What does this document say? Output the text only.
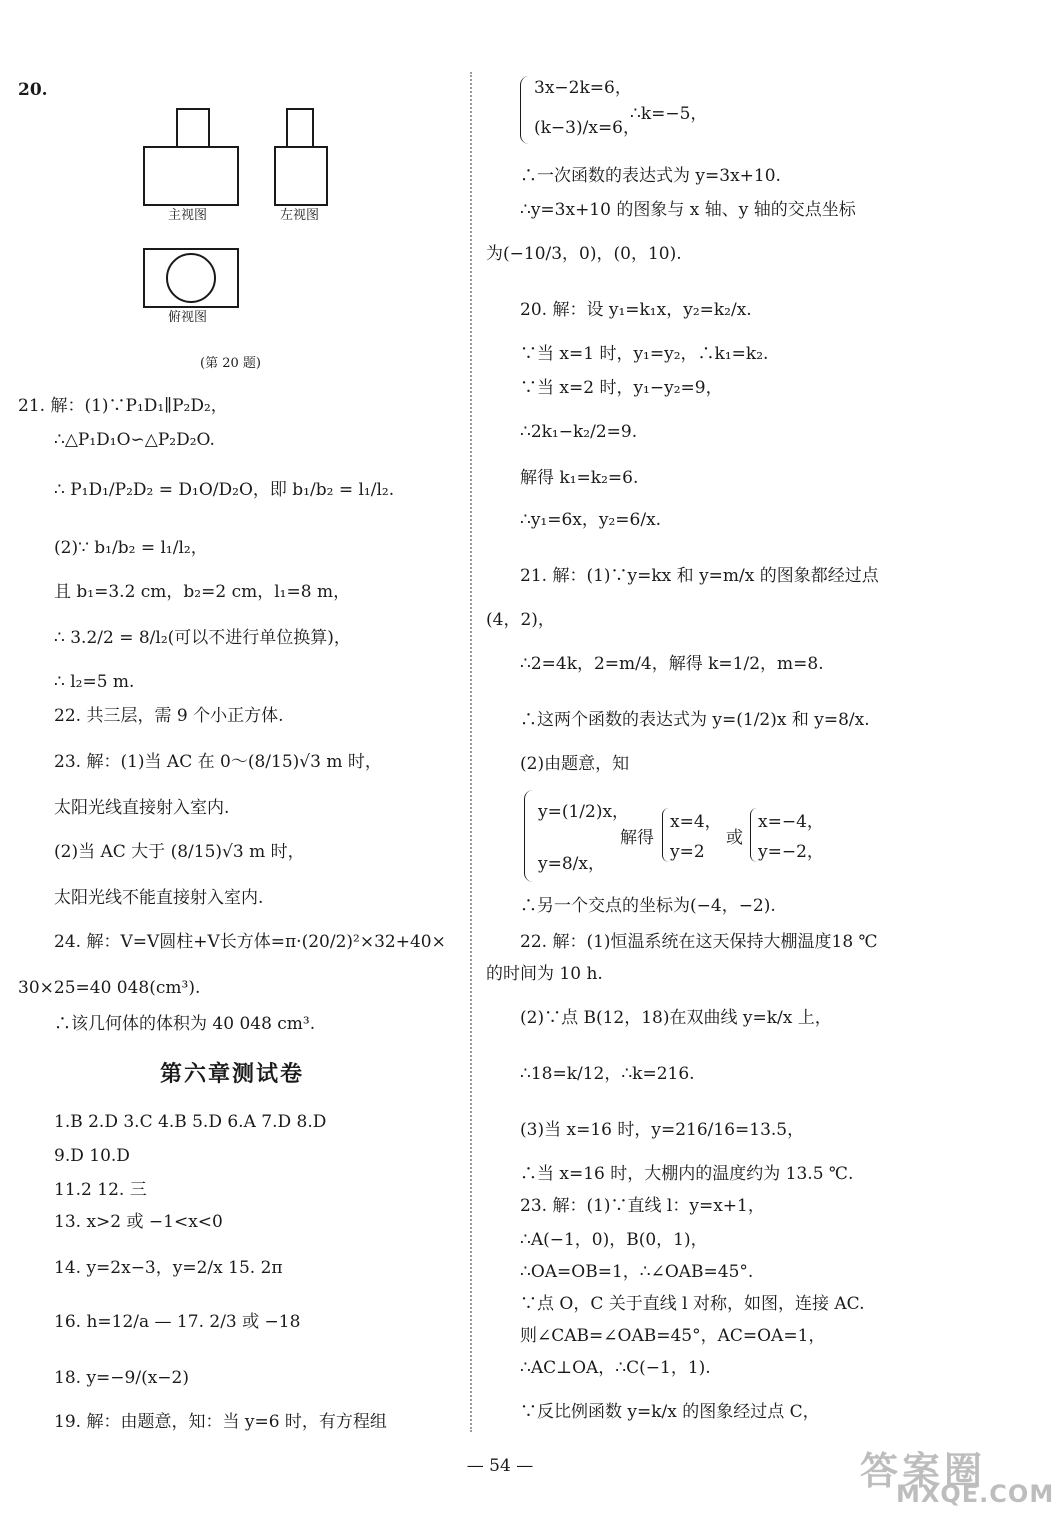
20.
主视图	左视图
俯视图
(第 20 题)
21. 解：(1)∵P₁D₁∥P₂D₂，
∴△P₁D₁O∽△P₂D₂O.
∴ P₁D₁/P₂D₂ = D₁O/D₂O，即 b₁/b₂ = l₁/l₂.
(2)∵ b₁/b₂ = l₁/l₂，
且 b₁=3.2 cm，b₂=2 cm，l₁=8 m，
∴ 3.2/2 = 8/l₂(可以不进行单位换算)，
∴ l₂=5 m.
22. 共三层，需 9 个小正方体.
23. 解：(1)当 AC 在 0～(8/15)√3 m 时，
太阳光线直接射入室内.
(2)当 AC 大于 (8/15)√3 m 时，
太阳光线不能直接射入室内.
24. 解：V=V圆柱+V长方体=π·(20/2)²×32+40×
30×25=40 048(cm³).
∴该几何体的体积为 40 048 cm³.
第六章测试卷
1.B 2.D 3.C 4.B 5.D 6.A 7.D 8.D
9.D 10.D
11.2 12. 三
13. x>2 或 −1<x<0
14. y=2x−3，y=2/x 15. 2π
16. h=12/a — 17. 2/3 或 −18
18. y=−9/(x−2)
19. 解：由题意，知：当 y=6 时，有方程组
3x−2k=6，
(k−3)/x=6，
∴k=−5，
∴一次函数的表达式为 y=3x+10.
∴y=3x+10 的图象与 x 轴、y 轴的交点坐标
为(−10/3，0)，(0，10).
20. 解：设 y₁=k₁x，y₂=k₂/x.
∵当 x=1 时，y₁=y₂，∴k₁=k₂.
∵当 x=2 时，y₁−y₂=9，
∴2k₁−k₂/2=9.
解得 k₁=k₂=6.
∴y₁=6x，y₂=6/x.
21. 解：(1)∵y=kx 和 y=m/x 的图象都经过点
(4，2)，
∴2=4k，2=m/4，解得 k=1/2，m=8.
∴这两个函数的表达式为 y=(1/2)x 和 y=8/x.
(2)由题意，知
y=(1/2)x，
y=8/x，
解得
x=4，
y=2
或
x=−4，
y=−2，
∴另一个交点的坐标为(−4，−2).
22. 解：(1)恒温系统在这天保持大棚温度18 ℃
的时间为 10 h.
(2)∵点 B(12，18)在双曲线 y=k/x 上，
∴18=k/12，∴k=216.
(3)当 x=16 时，y=216/16=13.5，
∴当 x=16 时，大棚内的温度约为 13.5 ℃.
23. 解：(1)∵直线 l：y=x+1，
∴A(−1，0)，B(0，1)，
∴OA=OB=1，∴∠OAB=45°.
∵点 O，C 关于直线 l 对称，如图，连接 AC.
则∠CAB=∠OAB=45°，AC=OA=1，
∴AC⊥OA，∴C(−1，1).
∵反比例函数 y=k/x 的图象经过点 C，
— 54 —	答案圈
MXQE.COM
